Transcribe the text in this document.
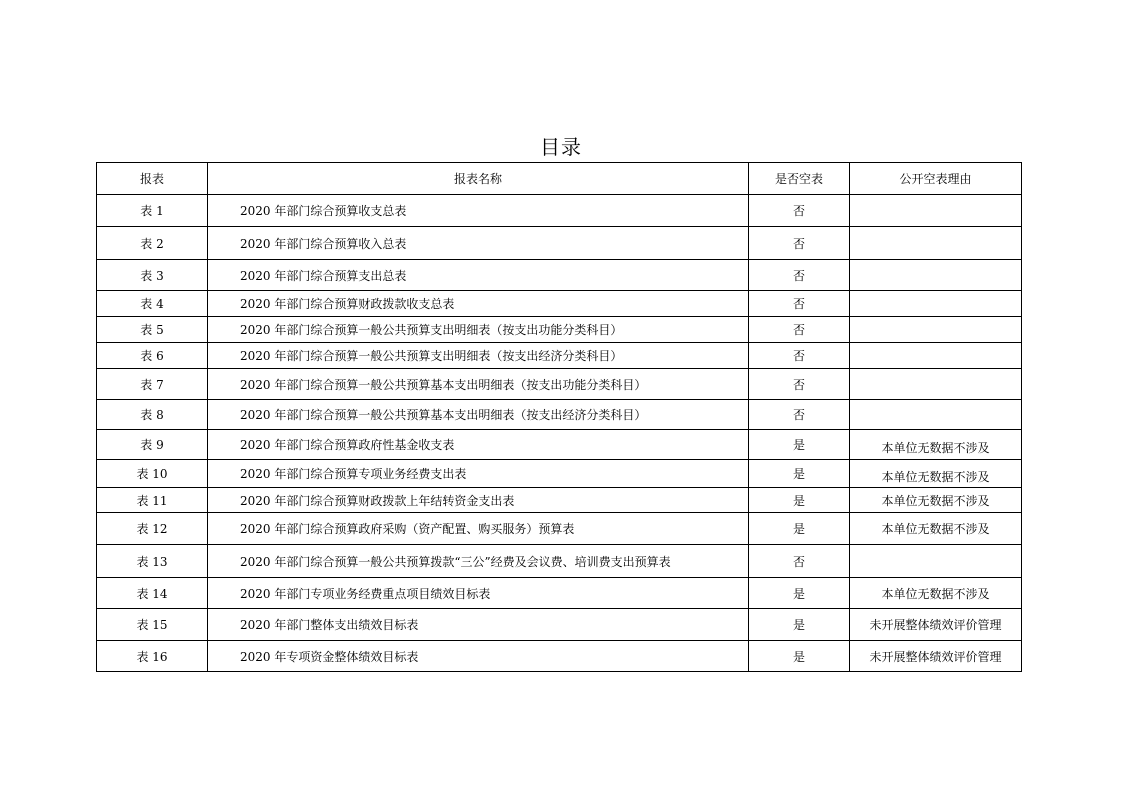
目录
报表	报表名称	是否空表	公开空表理由
表 1	2020 年部门综合预算收支总表	否	
表 2	2020 年部门综合预算收入总表	否	
表 3	2020 年部门综合预算支出总表	否	
表 4	2020 年部门综合预算财政拨款收支总表	否	
表 5	2020 年部门综合预算一般公共预算支出明细表（按支出功能分类科目）	否	
表 6	2020 年部门综合预算一般公共预算支出明细表（按支出经济分类科目）	否	
表 7	2020 年部门综合预算一般公共预算基本支出明细表（按支出功能分类科目）	否	
表 8	2020 年部门综合预算一般公共预算基本支出明细表（按支出经济分类科目）	否	
表 9	2020 年部门综合预算政府性基金收支表	是	本单位无数据不涉及
表 10	2020 年部门综合预算专项业务经费支出表	是	本单位无数据不涉及
表 11	2020 年部门综合预算财政拨款上年结转资金支出表	是	本单位无数据不涉及
表 12	2020 年部门综合预算政府采购（资产配置、购买服务）预算表	是	本单位无数据不涉及
表 13	2020 年部门综合预算一般公共预算拨款“三公”经费及会议费、培训费支出预算表	否	
表 14	2020 年部门专项业务经费重点项目绩效目标表	是	本单位无数据不涉及
表 15	2020 年部门整体支出绩效目标表	是	未开展整体绩效评价管理
表 16	2020 年专项资金整体绩效目标表	是	未开展整体绩效评价管理
